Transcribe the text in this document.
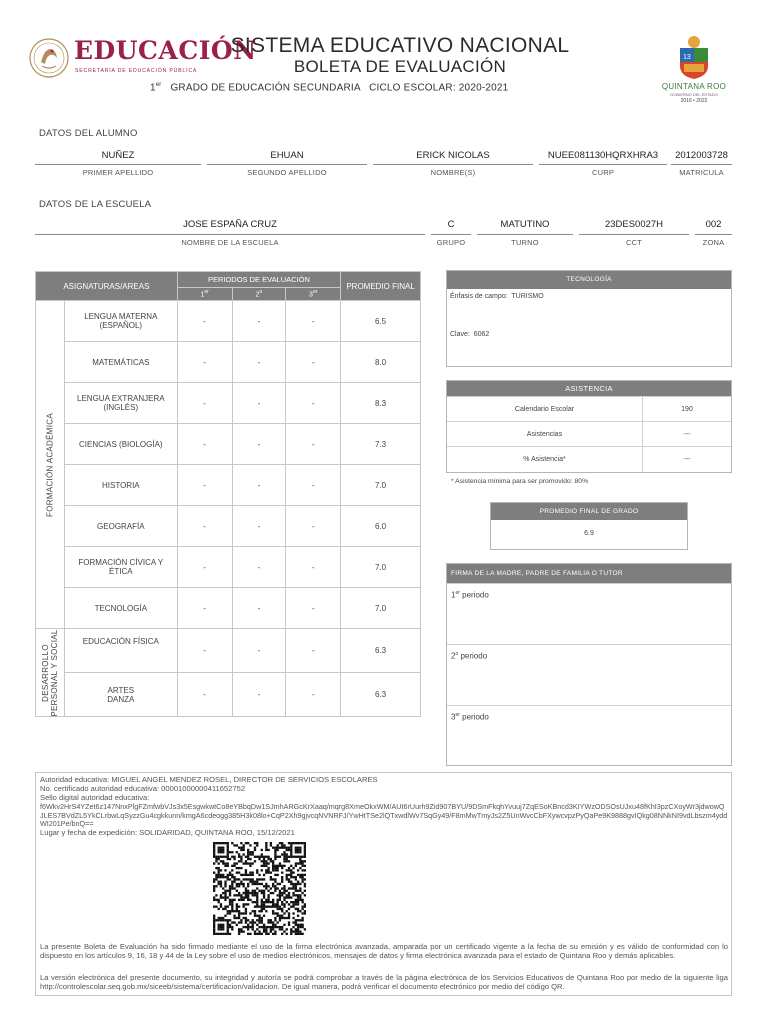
EDUCACIÓN
SECRETARÍA DE EDUCACIÓN PÚBLICA
SISTEMA EDUCATIVO NACIONAL
BOLETA DE EVALUACIÓN
1er GRADO DE EDUCACIÓN SECUNDARIA   CICLO ESCOLAR: 2020-2021
13
QUINTANA ROO
GOBIERNO DEL ESTADO
2016 • 2022
DATOS DEL ALUMNO
NUÑEZ
PRIMER APELLIDO
EHUAN
SEGUNDO APELLIDO
ERICK NICOLAS
NOMBRE(S)
NUEE081130HQRXHRA3
CURP
2012003728
MATRICULA
DATOS DE LA ESCUELA
JOSE ESPAÑA CRUZ
NOMBRE DE LA ESCUELA
C
GRUPO
MATUTINO
TURNO
23DES0027H
CCT
002
ZONA
ASIGNATURAS/AREAS		PERIODOS DE EVALUACIÓN			PROMEDIO FINAL
		1er	2$^o$	3er

FORMACIÓN ACADÉMICA	LENGUA MATERNA
(ESPAÑOL)	-	-	-	6.5
	MATEMÁTICAS	-	-	-	8.0
	LENGUA EXTRANJERA
(INGLÉS)	-	-	-	8.3
	CIENCIAS (BIOLOGÍA)	-	-	-	7.3
	HISTORIA	-	-	-	7.0
	GEOGRAFÍA	-	-	-	6.0
	FORMACIÓN CÍVICA Y
ÉTICA	-	-	-	7.0
	TECNOLOGÍA	-	-	-	7.0

DESARROLLO PERSONAL Y SOCIAL	EDUCACIÓN FÍSICA	-	-	-	6.3
	ARTES
DANZA	-	-	-	6.3
TECNOLOGÍA
Énfasis de campo: TURISMO
Clave: 6062
ASISTENCIA
Calendario Escolar	190
Asistencias	---
% Asistencia*	---
* Asistencia mínima para ser promovido: 80%
PROMEDIO FINAL DE GRADO
6.9
FIRMA DE LA MADRE, PADRE DE FAMILIA O TUTOR
1er periodo
2$^o$ periodo
3er periodo
Autoridad educativa: MIGUEL ANGEL MENDEZ ROSEL, DIRECTOR DE SERVICIOS ESCOLARES
No. certificado autoridad educativa: 00001000000411652752
Sello digital autoridad educativa:
f6Wkv2HrS4YZet6z147NnxPlgFZmfwbVJs3x5EsgwkwtCo8eYBbqDw1SJmhARGcKrXaaq/mqrg8XmeOkxWM/AUt6rUurh9Zid907BYU/9DSmFkqhYvuuj7ZqESoKBncd3KIYWzODSOsUJxu48fKhI3pzCXoyWr3jdwowQJLES7BVdZL5YkCLrbwLqSyzzGu4cgkkunn/kmgA6cdeogg385H3k08lo+CqP2Xh9gjvcqNVNRFJ/YwHtTSe2lQTxwdlWv7SqGy49/F8mMwTmyJs2Z5UnWvcCbFXywcvpzPyQaPe9K9888gvIQkg08NNkNI9vdLbszm4yddWI201Pe/bnQ==
Lugar y fecha de expedición: SOLIDARIDAD, QUINTANA ROO, 15/12/2021
La presente Boleta de Evaluación ha sido firmado mediante el uso de la firma electrónica avanzada, amparada por un certificado vigente a la fecha de su emisión y es válido de conformidad con lo dispuesto en los artículos 9, 16, 18 y 44 de la Ley sobre el uso de medios electrónicos, mensajes de datos y firma electrónica avanzada para el estado de Quintana Roo y demás aplicables.
La versión electrónica del presente documento, su integridad y autoría se podrá comprobar a través de la página electrónica de los Servicios Educativos de Quintana Roo por medio de la siguiente liga http://controlescolar.seq.gob.mx/siceeb/sistema/certificacion/validacion. De igual manera, podrá verificar el documento electrónico por medio del código QR.
